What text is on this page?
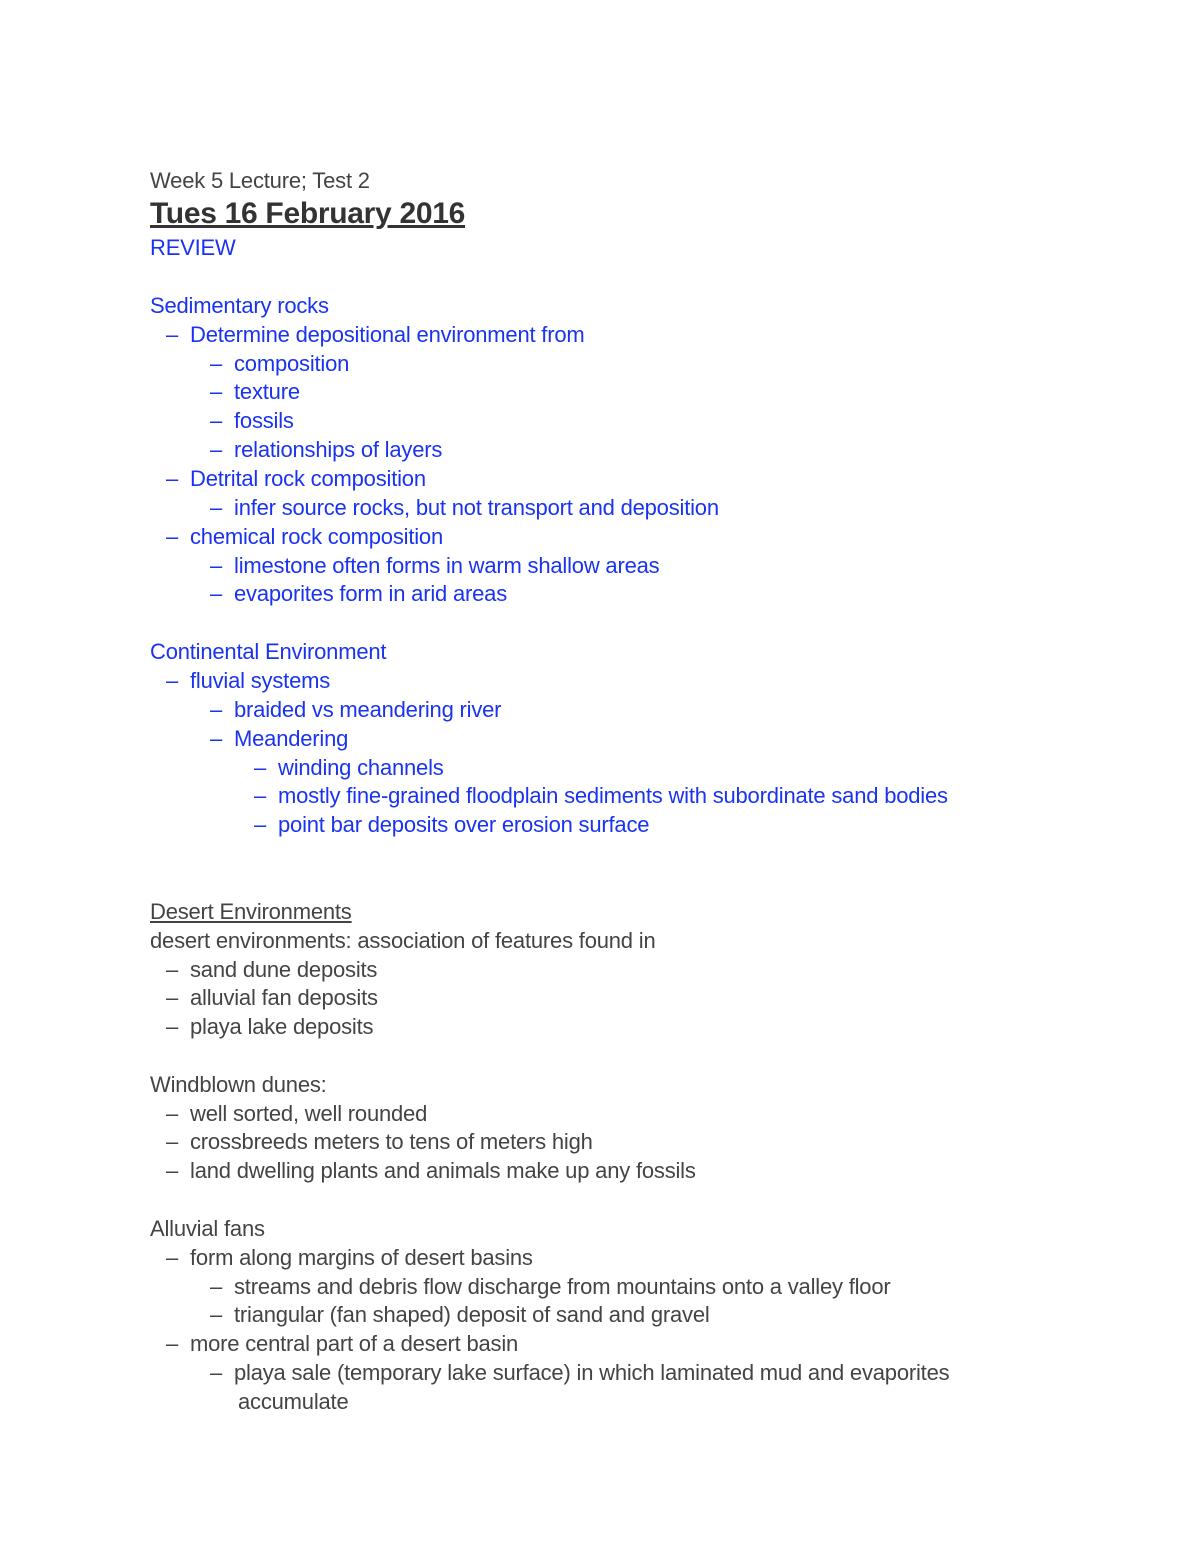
Week 5 Lecture; Test 2
Tues 16 February 2016
REVIEW
Sedimentary rocks
– Determine depositional environment from
– composition
– texture
– fossils
– relationships of layers
– Detrital rock composition
– infer source rocks, but not transport and deposition
– chemical rock composition
– limestone often forms in warm shallow areas
– evaporites form in arid areas
Continental Environment
– fluvial systems
– braided vs meandering river
– Meandering
– winding channels
– mostly fine-grained floodplain sediments with subordinate sand bodies
– point bar deposits over erosion surface
Desert Environments
desert environments: association of features found in
– sand dune deposits
– alluvial fan deposits
– playa lake deposits
Windblown dunes:
– well sorted, well rounded
– crossbreeds meters to tens of meters high
– land dwelling plants and animals make up any fossils
Alluvial fans
– form along margins of desert basins
– streams and debris flow discharge from mountains onto a valley floor
– triangular (fan shaped) deposit of sand and gravel
– more central part of a desert basin
– playa sale (temporary lake surface) in which laminated mud and evaporites
accumulate
